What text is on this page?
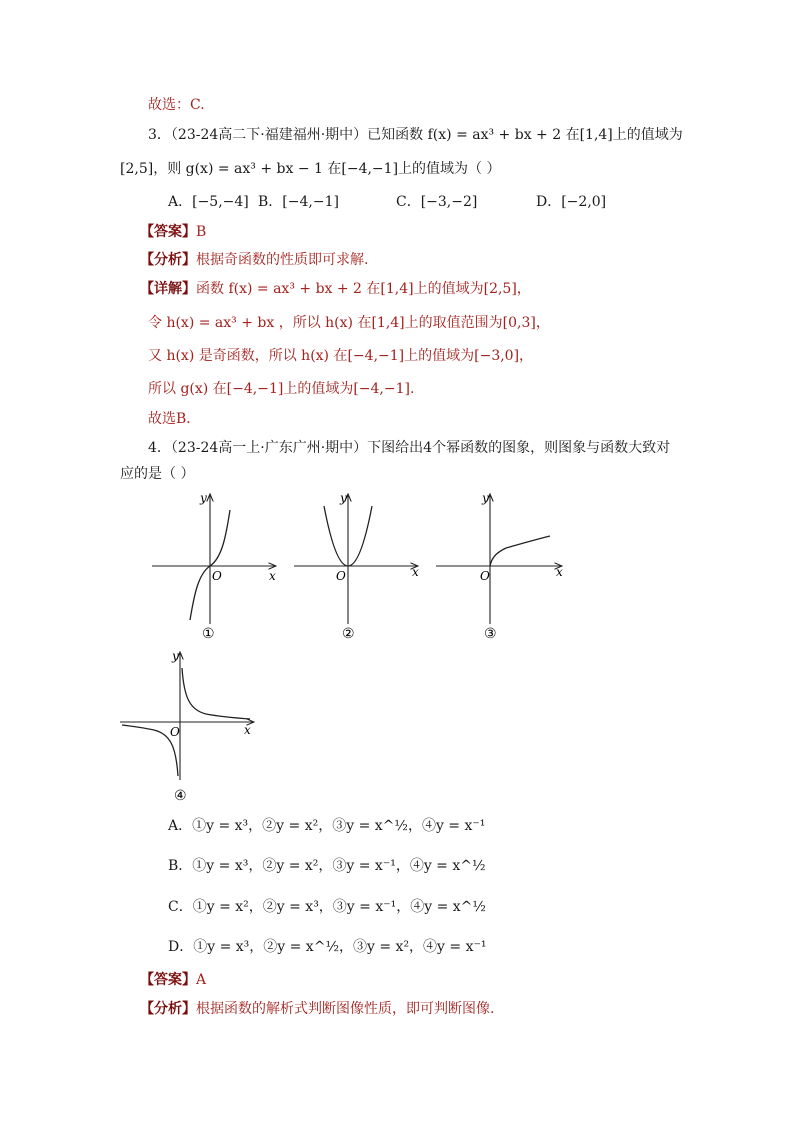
故选：C.
3．（23-24高二下·福建福州·期中）已知函数 f(x) = ax³ + bx + 2 在[1,4]上的值域为
[2,5]，则 g(x) = ax³ + bx − 1 在[−4,−1]上的值域为（ ）
A．[−5,−4] B．[−4,−1]	C．[−3,−2]	D．[−2,0]
【答案】B
【分析】根据奇函数的性质即可求解.
【详解】函数 f(x) = ax³ + bx + 2 在[1,4]上的值域为[2,5]，
令 h(x) = ax³ + bx ，所以 h(x) 在[1,4]上的取值范围为[0,3]，
又 h(x) 是奇函数，所以 h(x) 在[−4,−1]上的值域为[−3,0]，
所以 g(x) 在[−4,−1]上的值域为[−4,−1].
故选B．
4．（23-24高一上·广东广州·期中）下图给出4个幂函数的图象，则图象与函数大致对
应的是（ ）
x
y
O
①
x
y
O
②
x
y
O
③
x
y
O
④
A．①y = x³，②y = x²，③y = x^½，④y = x⁻¹
B．①y = x³，②y = x²，③y = x⁻¹，④y = x^½
C．①y = x²，②y = x³，③y = x⁻¹，④y = x^½
D．①y = x³，②y = x^½，③y = x²，④y = x⁻¹
【答案】A
【分析】根据函数的解析式判断图像性质，即可判断图像.
